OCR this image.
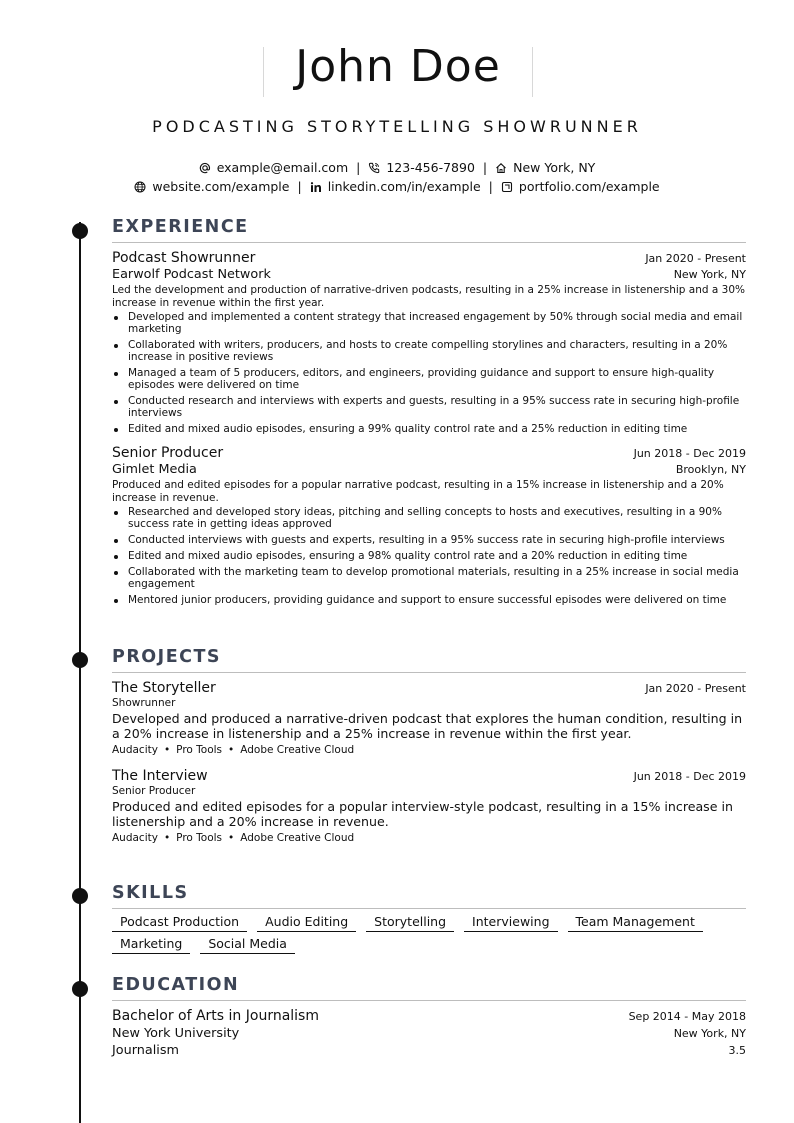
John Doe
PODCASTING STORYTELLING SHOWRUNNER
example@email.com | 123-456-7890 | New York, NY
website.com/example | linkedin.com/in/example | portfolio.com/example
EXPERIENCE
Podcast Showrunner	Jan 2020 - Present
Earwolf Podcast Network	New York, NY

Led the development and production of narrative-driven podcasts, resulting in a 25% increase in listenership and a 30% increase in revenue within the first year.

Developed and implemented a content strategy that increased engagement by 50% through social media and email marketing
Collaborated with writers, producers, and hosts to create compelling storylines and characters, resulting in a 20% increase in positive reviews
Managed a team of 5 producers, editors, and engineers, providing guidance and support to ensure high-quality episodes were delivered on time
Conducted research and interviews with experts and guests, resulting in a 95% success rate in securing high-profile interviews
Edited and mixed audio episodes, ensuring a 99% quality control rate and a 25% reduction in editing time
Senior Producer	Jun 2018 - Dec 2019
Gimlet Media	Brooklyn, NY

Produced and edited episodes for a popular narrative podcast, resulting in a 15% increase in listenership and a 20% increase in revenue.

Researched and developed story ideas, pitching and selling concepts to hosts and executives, resulting in a 90% success rate in getting ideas approved
Conducted interviews with guests and experts, resulting in a 95% success rate in securing high-profile interviews
Edited and mixed audio episodes, ensuring a 98% quality control rate and a 20% reduction in editing time
Collaborated with the marketing team to develop promotional materials, resulting in a 25% increase in social media engagement
Mentored junior producers, providing guidance and support to ensure successful episodes were delivered on time
PROJECTS
The Storyteller	Jan 2020 - Present
Showrunner

Developed and produced a narrative-driven podcast that explores the human condition, resulting in a 20% increase in listenership and a 25% increase in revenue within the first year.

Audacity • Pro Tools • Adobe Creative Cloud
The Interview	Jun 2018 - Dec 2019
Senior Producer

Produced and edited episodes for a popular interview-style podcast, resulting in a 15% increase in listenership and a 20% increase in revenue.

Audacity • Pro Tools • Adobe Creative Cloud
SKILLS
Podcast Production	Audio Editing	Storytelling	Interviewing	Team Management
Marketing	Social Media
EDUCATION
Bachelor of Arts in Journalism	Sep 2014 - May 2018
New York University	New York, NY
Journalism	3.5
